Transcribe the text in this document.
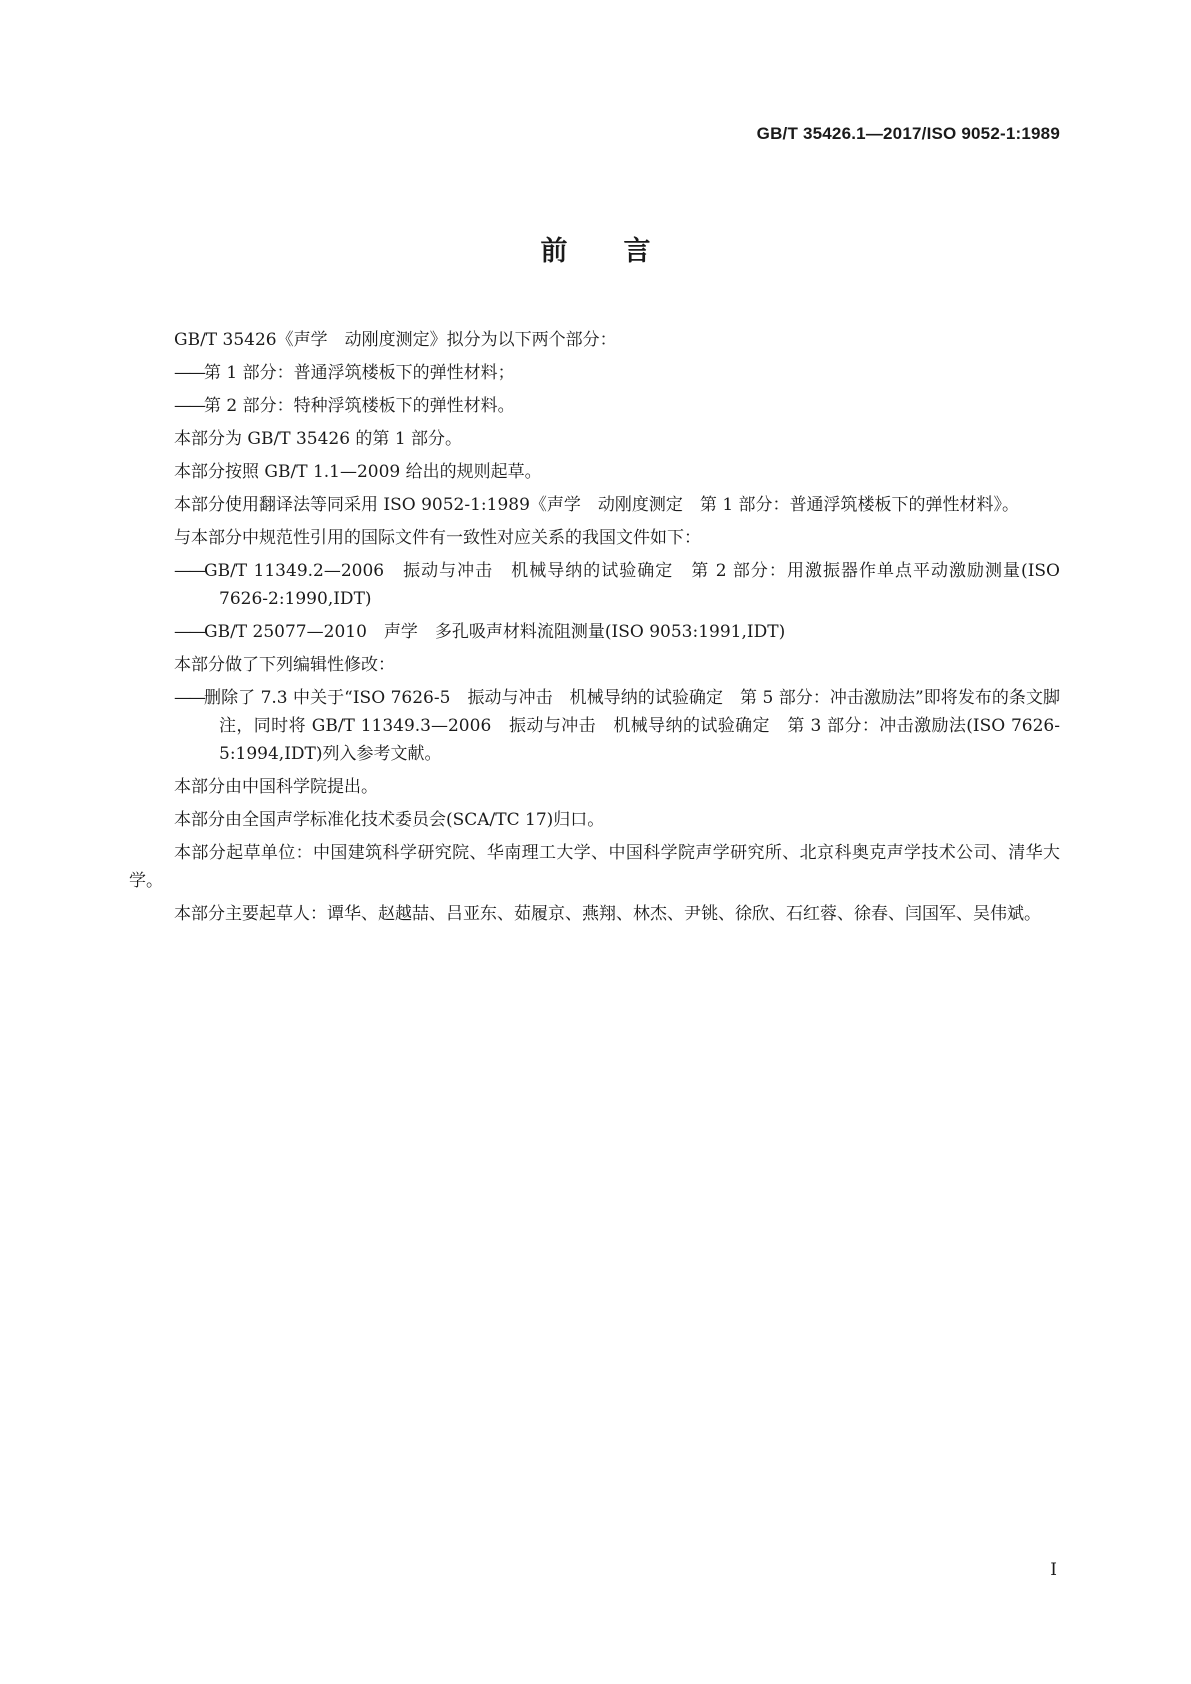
GB/T 35426.1—2017/ISO 9052-1:1989
前 言
GB/T 35426《声学　动刚度测定》拟分为以下两个部分：
——第 1 部分：普通浮筑楼板下的弹性材料；
——第 2 部分：特种浮筑楼板下的弹性材料。
本部分为 GB/T 35426 的第 1 部分。
本部分按照 GB/T 1.1—2009 给出的规则起草。
本部分使用翻译法等同采用 ISO 9052-1:1989《声学　动刚度测定　第 1 部分：普通浮筑楼板下的弹性材料》。
与本部分中规范性引用的国际文件有一致性对应关系的我国文件如下：
——GB/T 11349.2—2006　振动与冲击　机械导纳的试验确定　第 2 部分：用激振器作单点平动激励测量(ISO 7626-2:1990,IDT)
——GB/T 25077—2010　声学　多孔吸声材料流阻测量(ISO 9053:1991,IDT)
本部分做了下列编辑性修改：
——删除了 7.3 中关于“ISO 7626-5　振动与冲击　机械导纳的试验确定　第 5 部分：冲击激励法”即将发布的条文脚注，同时将 GB/T 11349.3—2006　振动与冲击　机械导纳的试验确定　第 3 部分：冲击激励法(ISO 7626-5:1994,IDT)列入参考文献。
本部分由中国科学院提出。
本部分由全国声学标准化技术委员会(SCA/TC 17)归口。
本部分起草单位：中国建筑科学研究院、华南理工大学、中国科学院声学研究所、北京科奥克声学技术公司、清华大学。
本部分主要起草人：谭华、赵越喆、吕亚东、茹履京、燕翔、林杰、尹铫、徐欣、石红蓉、徐春、闫国军、吴伟斌。
I
